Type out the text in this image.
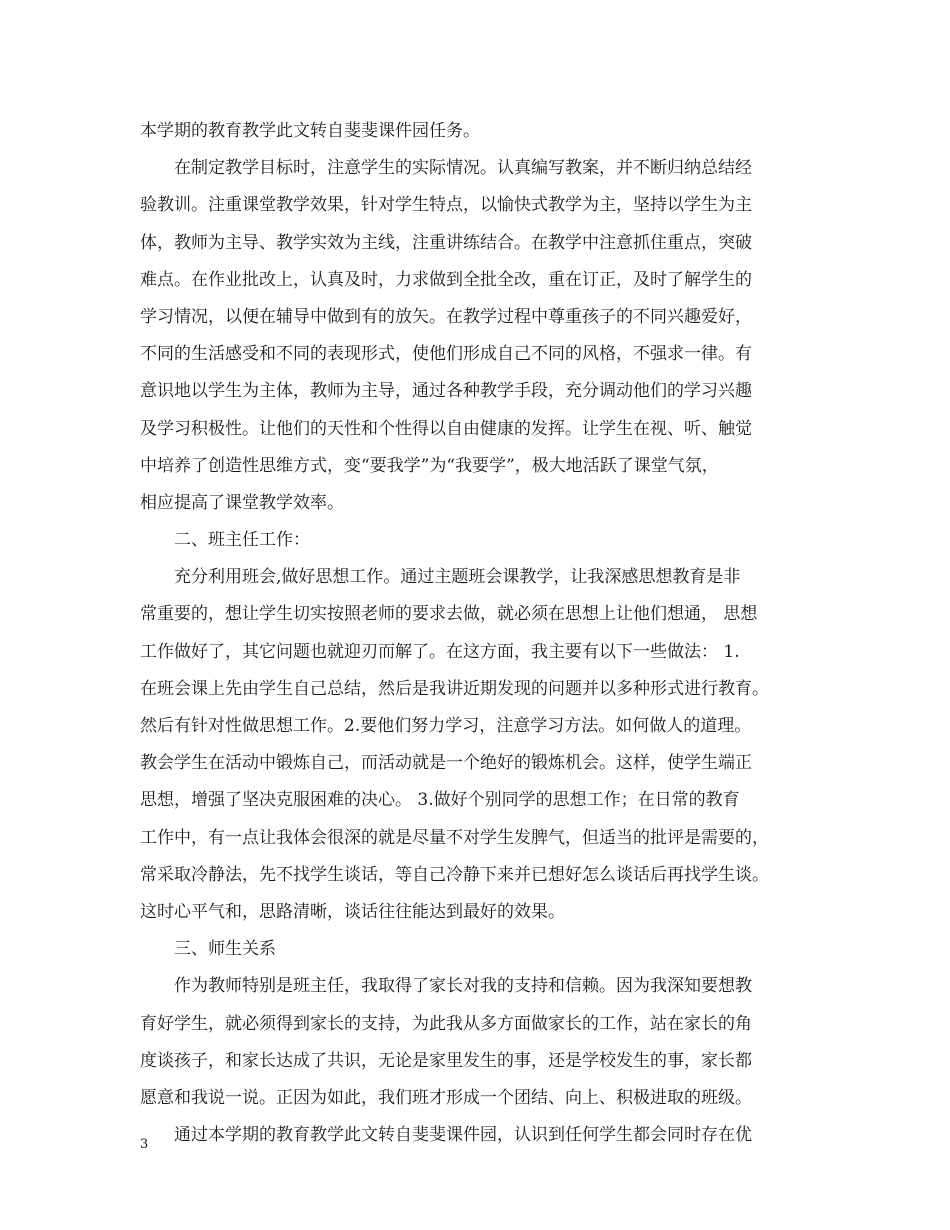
本学期的教育教学此文转自斐斐课件园任务。
在制定教学目标时，注意学生的实际情况。认真编写教案，并不断归纳总结经
验教训。注重课堂教学效果，针对学生特点，以愉快式教学为主，坚持以学生为主
体，教师为主导、教学实效为主线，注重讲练结合。在教学中注意抓住重点，突破
难点。在作业批改上，认真及时，力求做到全批全改，重在订正，及时了解学生的
学习情况，以便在辅导中做到有的放矢。在教学过程中尊重孩子的不同兴趣爱好，
不同的生活感受和不同的表现形式，使他们形成自己不同的风格，不强求一律。有
意识地以学生为主体，教师为主导，通过各种教学手段，充分调动他们的学习兴趣
及学习积极性。让他们的天性和个性得以自由健康的发挥。让学生在视、听、触觉
中培养了创造性思维方式，变“要我学”为“我要学”，极大地活跃了课堂气氛，
相应提高了课堂教学效率。
二、班主任工作：
充分利用班会,做好思想工作。通过主题班会课教学，让我深感思想教育是非
常重要的，想让学生切实按照老师的要求去做，就必须在思想上让他们想通， 思想
工作做好了，其它问题也就迎刃而解了。在这方面，我主要有以下一些做法： 1.
在班会课上先由学生自己总结，然后是我讲近期发现的问题并以多种形式进行教育。
然后有针对性做思想工作。2.要他们努力学习，注意学习方法。如何做人的道理。
教会学生在活动中锻炼自己，而活动就是一个绝好的锻炼机会。这样，使学生端正
思想，增强了坚决克服困难的决心。 3.做好个别同学的思想工作；在日常的教育
工作中，有一点让我体会很深的就是尽量不对学生发脾气，但适当的批评是需要的，
常采取冷静法，先不找学生谈话，等自己冷静下来并已想好怎么谈话后再找学生谈。
这时心平气和，思路清晰，谈话往往能达到最好的效果。
三、师生关系
作为教师特别是班主任，我取得了家长对我的支持和信赖。因为我深知要想教
育好学生，就必须得到家长的支持，为此我从多方面做家长的工作，站在家长的角
度谈孩子，和家长达成了共识，无论是家里发生的事，还是学校发生的事，家长都
愿意和我说一说。正因为如此，我们班才形成一个团结、向上、积极进取的班级。
通过本学期的教育教学此文转自斐斐课件园，认识到任何学生都会同时存在优
3
